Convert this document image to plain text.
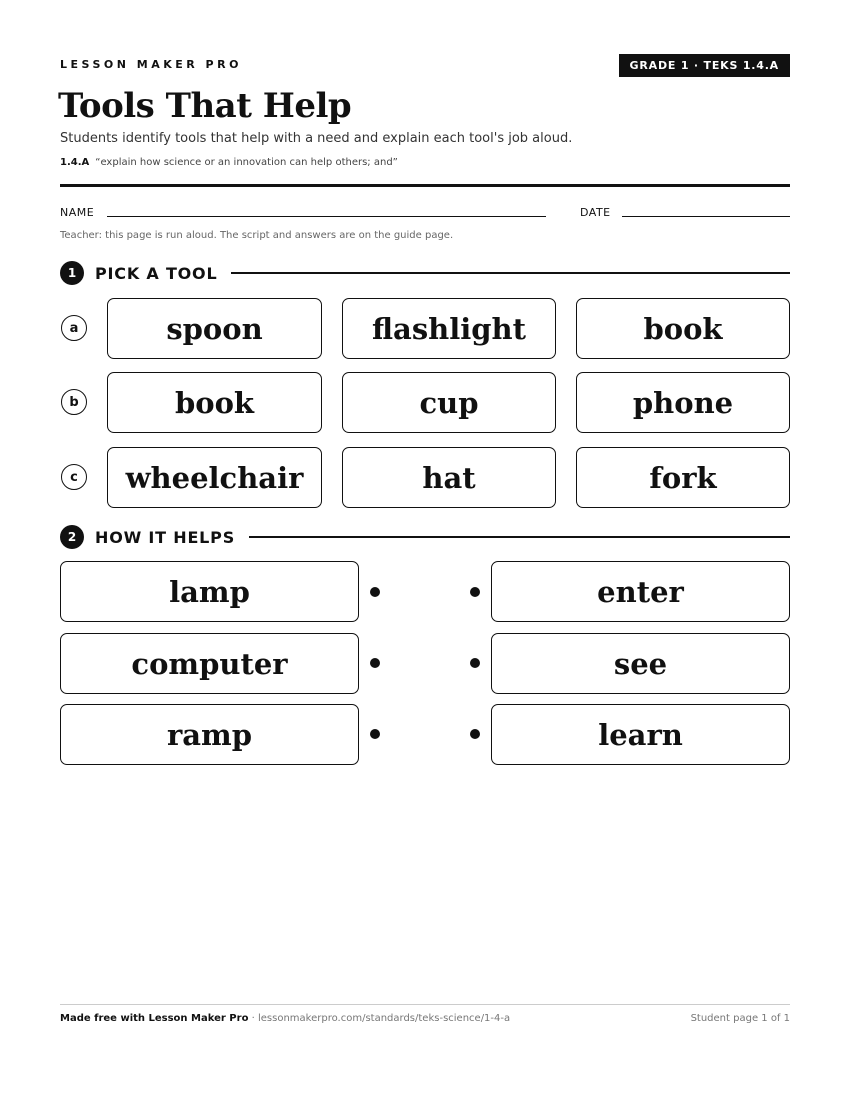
LESSON MAKER PRO	GRADE 1 · TEKS 1.4.A
Tools That Help
Students identify tools that help with a need and explain each tool's job aloud.
1.4.A “explain how science or an innovation can help others; and”
NAME	DATE
Teacher: this page is run aloud. The script and answers are on the guide page.
1	PICK A TOOL
a	spoon	flashlight	book
b	book	cup	phone
c	wheelchair	hat	fork
2	HOW IT HELPS
lamp	enter
computer	see
ramp	learn
Made free with Lesson Maker Pro · lessonmakerpro.com/standards/teks-science/1-4-a	Student page 1 of 1
